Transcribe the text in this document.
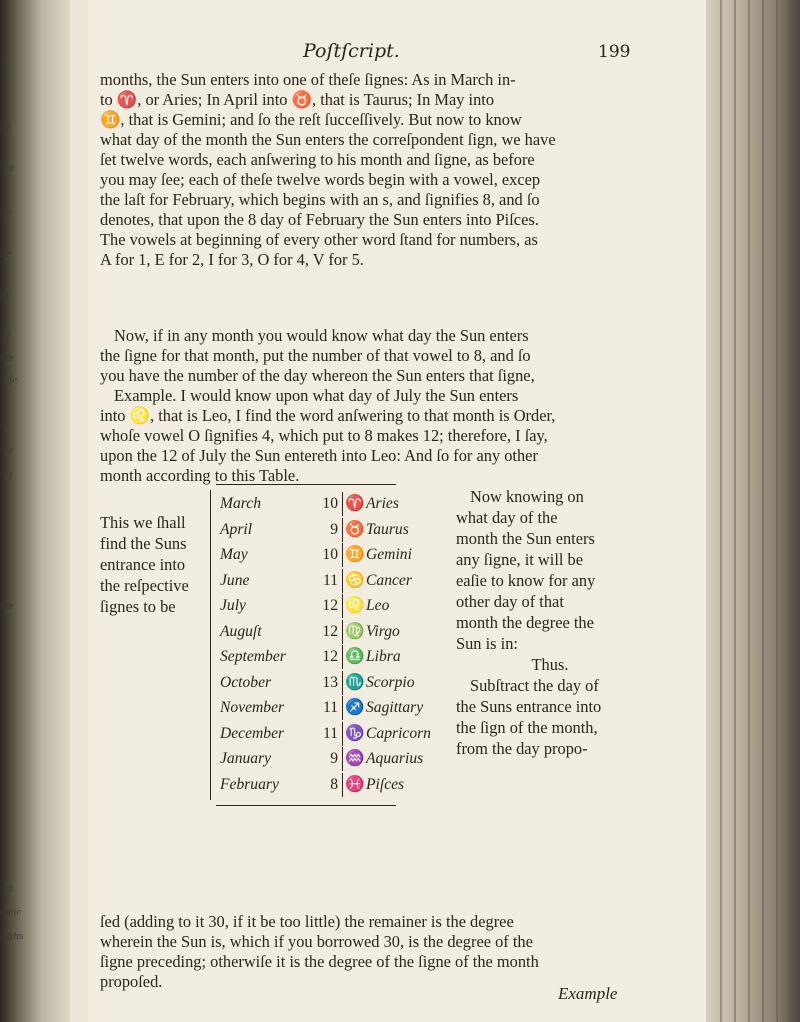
's
he
hat
or
de
of
ve
the
erſe
th
the
ths
the
yet
their
neths
Poſtſcript.	199
months, the Sun enters into one of theſe ſignes: As in March in-
to ♈, or Aries; In April into ♉, that is Taurus; In May into
♊, that is Gemini; and ſo the reſt ſucceſſively. But now to know
what day of the month the Sun enters the correſpondent ſign, we have
ſet twelve words, each anſwering to his month and ſigne, as before
you may ſee; each of theſe twelve words begin with a vowel, excep
the laſt for February, which begins with an s, and ſignifies 8, and ſo
denotes, that upon the 8 day of February the Sun enters into Piſces.
The vowels at beginning of every other word ſtand for numbers, as
A for 1, E for 2, I for 3, O for 4, V for 5.
Now, if in any month you would know what day the Sun enters
the ſigne for that month, put the number of that vowel to 8, and ſo
you have the number of the day whereon the Sun enters that ſigne,
Example. I would know upon what day of July the Sun enters
into ♌, that is Leo, I find the word anſwering to that month is Order,
whoſe vowel O ſignifies 4, which put to 8 makes 12; therefore, I ſay,
upon the 12 of July the Sun entereth into Leo: And ſo for any other
month according to this Table.
This we ſhall
find the Suns
entrance into
the reſpective
ſignes to be
March	10 ♈ Aries
April	9 ♉ Taurus
May	10 ♊ Gemini
June	11 ♋ Cancer
July	12 ♌ Leo
Auguſt	12 ♍ Virgo
September	12 ♎ Libra
October	13 ♏ Scorpio
November	11 ♐ Sagittary
December	11 ♑ Capricorn
January	9 ♒ Aquarius
February	8 ♓ Piſces
Now knowing on
what day of the
month the Sun enters
any ſigne, it will be
eaſie to know for any
other day of that
month the degree the
Sun is in:
Thus.
Subſtract the day of
the Suns entrance into
the ſign of the month,
from the day propo-
ſed (adding to it 30, if it be too little) the remainer is the degree
wherein the Sun is, which if you borrowed 30, is the degree of the
ſigne preceding; otherwiſe it is the degree of the ſigne of the month
propoſed.
Example
